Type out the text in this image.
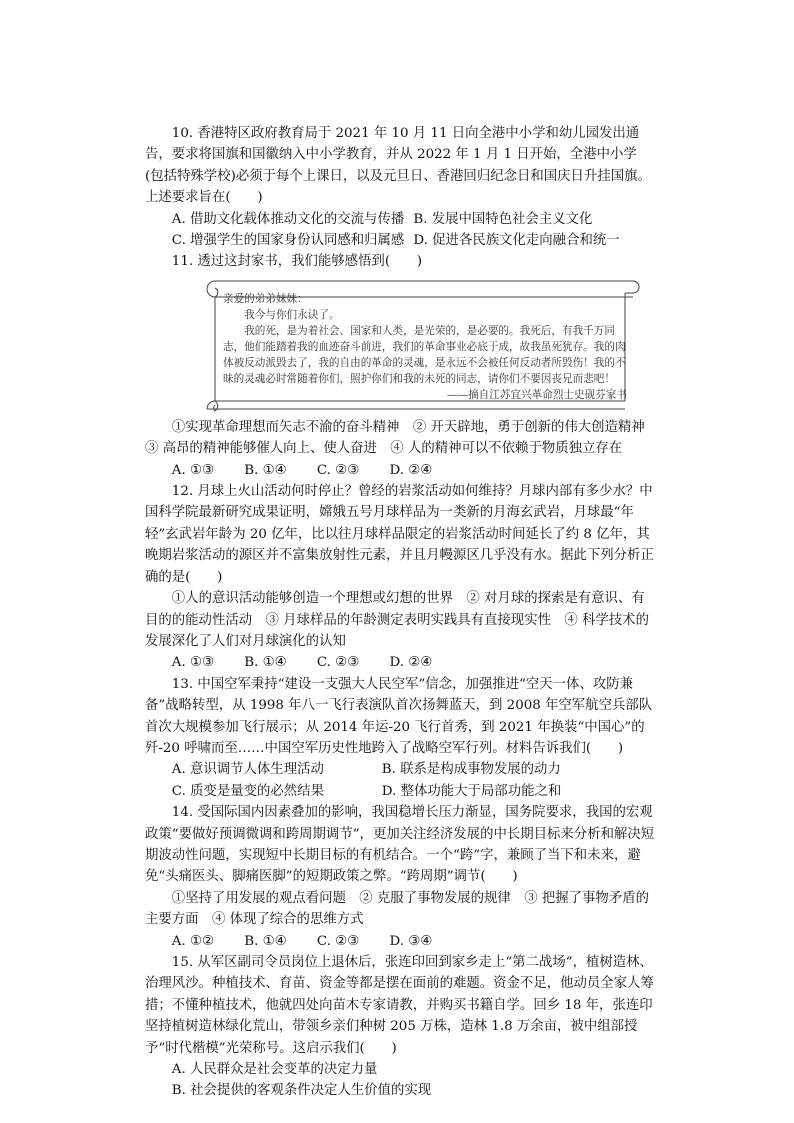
10. 香港特区政府教育局于 2021 年 10 月 11 日向全港中小学和幼儿园发出通告，要求将国旗和国徽纳入中小学教育，并从 2022 年 1 月 1 日开始，全港中小学(包括特殊学校)必须于每个上课日，以及元旦日、香港回归纪念日和国庆日升挂国旗。上述要求旨在(　　)

A. 借助文化载体推动文化的交流与传播 B. 发展中国特色社会主义文化
C. 增强学生的国家身份认同感和归属感 D. 促进各民族文化走向融合和统一

11. 透过这封家书，我们能够感悟到(　　)

亲爱的弟弟妹妹：
我今与你们永诀了。
我的死，是为着社会、国家和人类，是光荣的，是必要的。我死后，有我千万同志，他们能踏着我的血迹奋斗前进，我们的革命事业必底于成，故我虽死犹存。我的肉体被反动派毁去了，我的自由的革命的灵魂，是永远不会被任何反动者所毁伤！我的不昧的灵魂必时常随着你们，照护你们和我的未死的同志，请你们不要因丧兄而悲吧！
——摘自江苏宜兴革命烈士史砚芬家书

①实现革命理想而矢志不渝的奋斗精神　② 开天辟地，勇于创新的伟大创造精神　③ 高昂的精神能够催人向上、使人奋进　④ 人的精神可以不依赖于物质独立存在

A. ①③ B. ①④ C. ②③ D. ②④

12. 月球上火山活动何时停止？曾经的岩浆活动如何维持？月球内部有多少水？中国科学院最新研究成果证明，嫦娥五号月球样品为一类新的月海玄武岩，月球最“年轻”玄武岩年龄为 20 亿年，比以往月球样品限定的岩浆活动时间延长了约 8 亿年，其晚期岩浆活动的源区并不富集放射性元素，并且月幔源区几乎没有水。据此下列分析正确的是(　　)

①人的意识活动能够创造一个理想或幻想的世界　② 对月球的探索是有意识、有目的的能动性活动　③ 月球样品的年龄测定表明实践具有直接现实性　④ 科学技术的发展深化了人们对月球演化的认知

A. ①③ B. ①④ C. ②③ D. ②④

13. 中国空军秉持“建设一支强大人民空军”信念，加强推进“空天一体、攻防兼备”战略转型，从 1998 年八一飞行表演队首次扬舞蓝天，到 2008 年空军航空兵部队首次大规模参加飞行展示；从 2014 年运-20 飞行首秀，到 2021 年换装“中国心”的歼-20 呼啸而至……中国空军历史性地跨入了战略空军行列。材料告诉我们(　　)

A. 意识调节人体生理活动	B. 联系是构成事物发展的动力
C. 质变是量变的必然结果	D. 整体功能大于局部功能之和

14. 受国际国内因素叠加的影响，我国稳增长压力渐显，国务院要求，我国的宏观政策“要做好预调微调和跨周期调节”，更加关注经济发展的中长期目标来分析和解决短期波动性问题，实现短中长期目标的有机结合。一个“跨”字，兼顾了当下和未来，避免“头痛医头、脚痛医脚”的短期政策之弊。“跨周期”调节(　　)

①坚持了用发展的观点看问题　② 克服了事物发展的规律　③ 把握了事物矛盾的主要方面　④ 体现了综合的思维方式

A. ①② B. ①④ C. ②③ D. ③④

15. 从军区副司令员岗位上退休后，张连印回到家乡走上“第二战场”，植树造林、治理风沙。种植技术、育苗、资金等都是摆在面前的难题。资金不足，他动员全家人筹措；不懂种植技术，他就四处向苗木专家请教，并购买书籍自学。回乡 18 年，张连印坚持植树造林绿化荒山，带领乡亲们种树 205 万株，造林 1.8 万余亩，被中组部授予“时代楷模”光荣称号。这启示我们(　　)

A. 人民群众是社会变革的决定力量

B. 社会提供的客观条件决定人生价值的实现
